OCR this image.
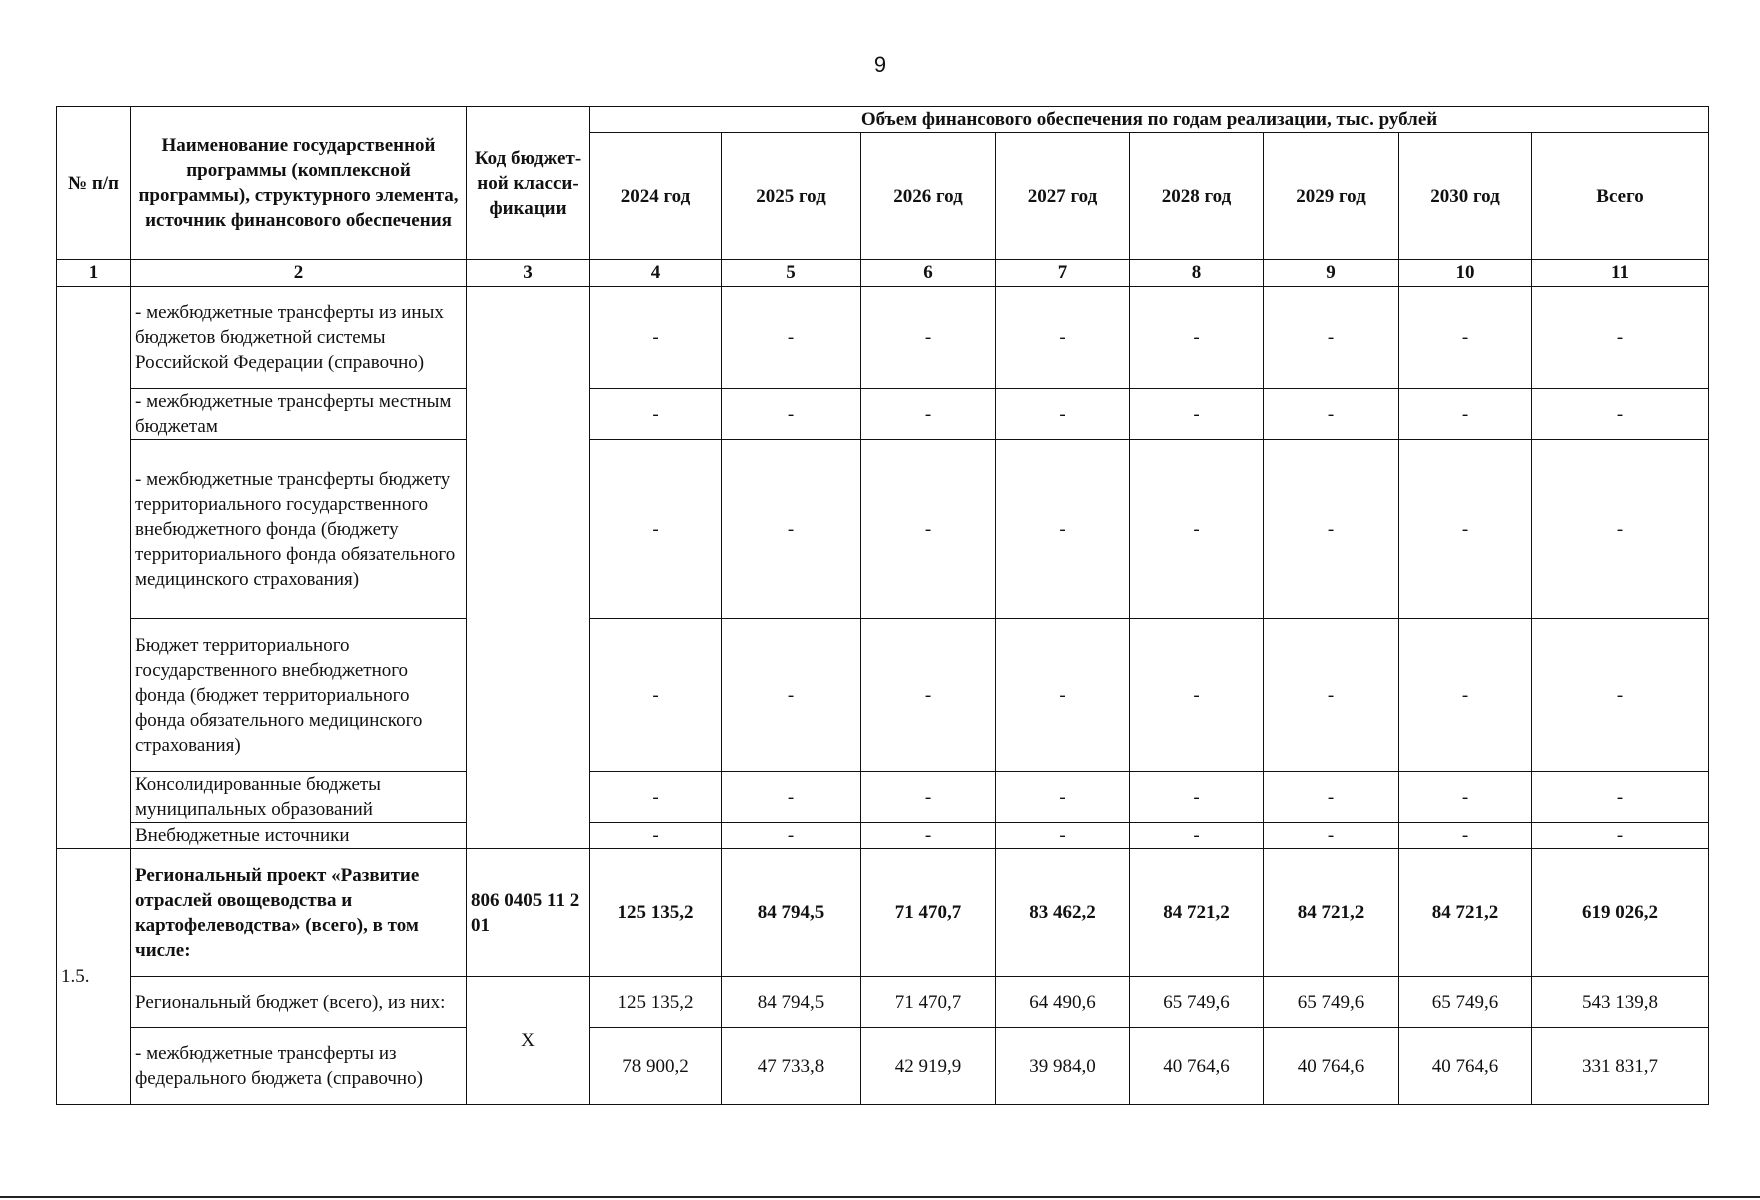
9
№ п/п	Наименование государственной программы (комплексной программы), структурного элемента, источник финансового обеспечения	Код бюджет-ной класси-фикации	Объем финансового обеспечения по годам реализации, тыс. рублей							
			2024 год	2025 год	2026 год	2027 год	2028 год	2029 год	2030 год	Всего
1	2	3	4	5	6	7	8	9	10	11
	- межбюджетные трансферты из иных бюджетов бюджетной системы Российской Федерации (справочно)		-	-	-	-	-	-	-	-
	- межбюджетные трансферты местным бюджетам		-	-	-	-	-	-	-	-
	- межбюджетные трансферты бюджету территориального государственного внебюджетного фонда (бюджету территориального фонда обязательного медицинского страхования)		-	-	-	-	-	-	-	-
	Бюджет территориального государственного внебюджетного фонда (бюджет территориального фонда обязательного медицинского страхования)		-	-	-	-	-	-	-	-
	Консолидированные бюджеты муниципальных образований		-	-	-	-	-	-	-	-
	Внебюджетные источники		-	-	-	-	-	-	-	-
1.5.	Региональный проект «Развитие отраслей овощеводства и картофелеводства» (всего), в том числе:	806 0405 11 2 01	125 135,2	84 794,5	71 470,7	83 462,2	84 721,2	84 721,2	84 721,2	619 026,2
	Региональный бюджет (всего), из них:	X	125 135,2	84 794,5	71 470,7	64 490,6	65 749,6	65 749,6	65 749,6	543 139,8
	- межбюджетные трансферты из федерального бюджета (справочно)		78 900,2	47 733,8	42 919,9	39 984,0	40 764,6	40 764,6	40 764,6	331 831,7
